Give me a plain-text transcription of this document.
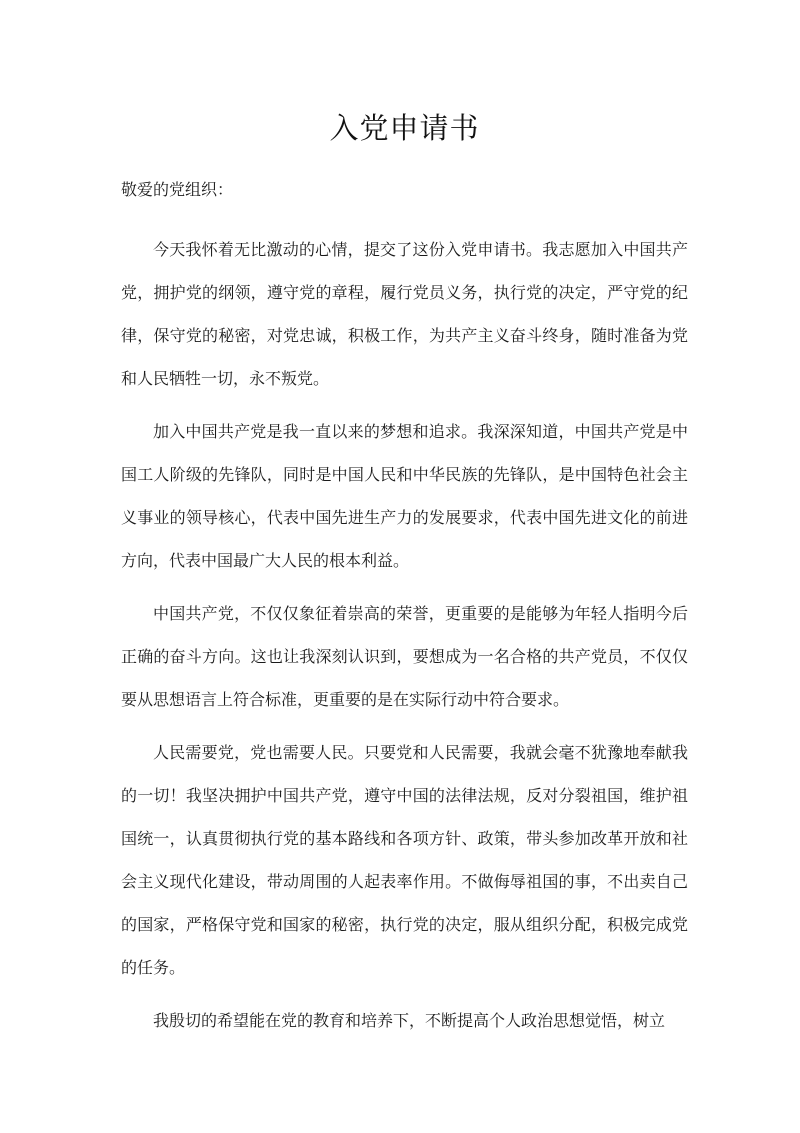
入党申请书

敬爱的党组织：

今天我怀着无比激动的心情，提交了这份入党申请书。我志愿加入中国共产党，拥护党的纲领，遵守党的章程，履行党员义务，执行党的决定，严守党的纪律，保守党的秘密，对党忠诚，积极工作，为共产主义奋斗终身，随时准备为党和人民牺牲一切，永不叛党。

加入中国共产党是我一直以来的梦想和追求。我深深知道，中国共产党是中国工人阶级的先锋队，同时是中国人民和中华民族的先锋队，是中国特色社会主义事业的领导核心，代表中国先进生产力的发展要求，代表中国先进文化的前进方向，代表中国最广大人民的根本利益。

中国共产党，不仅仅象征着崇高的荣誉，更重要的是能够为年轻人指明今后正确的奋斗方向。这也让我深刻认识到，要想成为一名合格的共产党员，不仅仅要从思想语言上符合标准，更重要的是在实际行动中符合要求。

人民需要党，党也需要人民。只要党和人民需要，我就会毫不犹豫地奉献我的一切！我坚决拥护中国共产党，遵守中国的法律法规，反对分裂祖国，维护祖国统一，认真贯彻执行党的基本路线和各项方针、政策，带头参加改革开放和社会主义现代化建设，带动周围的人起表率作用。不做侮辱祖国的事，不出卖自己的国家，严格保守党和国家的秘密，执行党的决定，服从组织分配，积极完成党的任务。

我殷切的希望能在党的教育和培养下，不断提高个人政治思想觉悟，树立
